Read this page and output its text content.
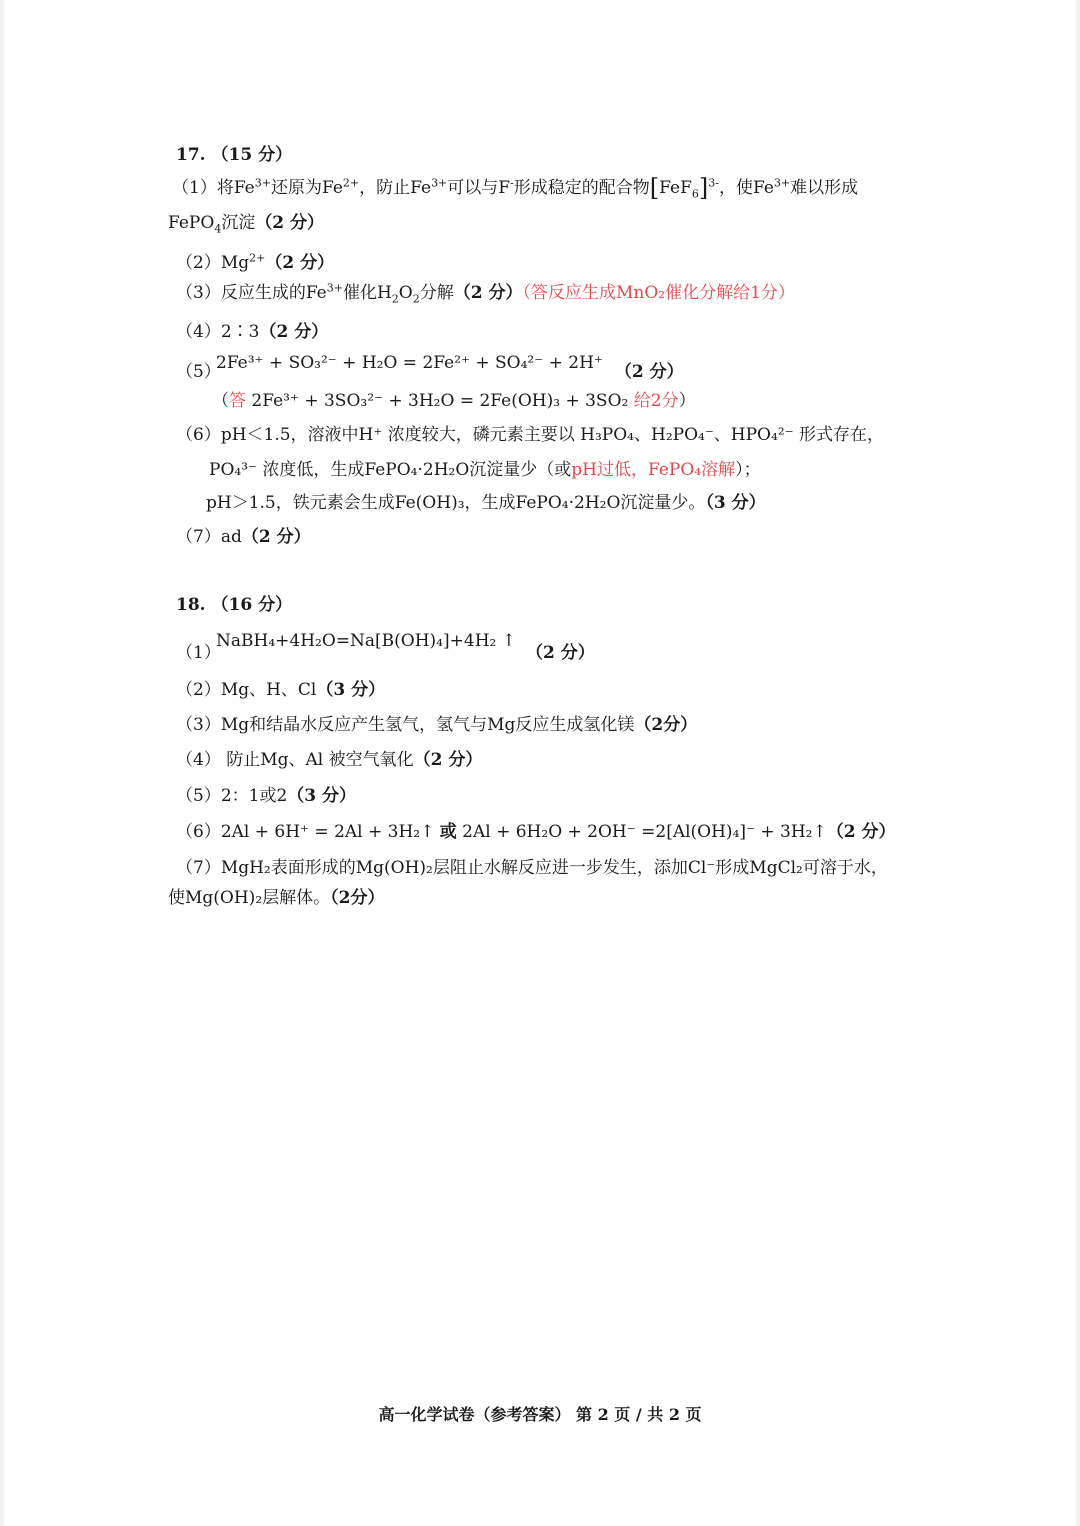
17. （15 分）
（1）将$Fe^{3+}$还原为$Fe^{2+}$，防止$Fe^{3+}$可以与F-形成稳定的配合物$[FeF_6]^{3-}$，使$Fe^{3+}$难以形成
FePO$_4$沉淀（2 分）
$(2)Mg^{2+}(2$ 分）
（3）反应生成的$Fe^{3+}$催化$H_2O_2$分解（2 分）（答反应生成MnO₂催化分解给1分）
（4）2∶3（2 分）
（5）
2Fe³⁺ + SO₃²⁻ + H₂O = 2Fe²⁺ + SO₄²⁻ + 2H⁺ （2 分）
（答 2Fe³⁺ + 3SO₃²⁻ + 3H₂O = 2Fe(OH)₃ + 3SO₂ 给2分）
（6）pH＜1.5，溶液中H⁺ 浓度较大，磷元素主要以 H₃PO₄、H₂PO₄⁻、HPO₄²⁻ 形式存在，
PO₄³⁻ 浓度低，生成FePO₄·2H₂O沉淀量少（或pH过低，FePO₄溶解）；
pH＞1.5，铁元素会生成Fe(OH)₃，生成FePO₄·2H₂O沉淀量少。（3 分）
（7）ad（2 分）
18. （16 分）
（1）
NaBH₄+4H₂O=Na[B(OH)₄]+4H₂ ↑（2 分）
（2）Mg、H、Cl（3 分）
（3）Mg和结晶水反应产生氢气，氢气与Mg反应生成氢化镁（2分）
（4） 防止Mg、Al 被空气氧化（2 分）
（5）2：1或2（3 分）
（6）2Al + 6H⁺ = 2Al + 3H₂↑ 或 2Al + 6H₂O + 2OH⁻ =2[Al(OH)₄]⁻ + 3H₂↑（2 分）
（7）MgH₂表面形成的Mg(OH)₂层阻止水解反应进一步发生，添加Cl⁻形成MgCl₂可溶于水，
使Mg(OH)₂层解体。（2分）
高一化学试卷（参考答案） 第 2 页 / 共 2 页
